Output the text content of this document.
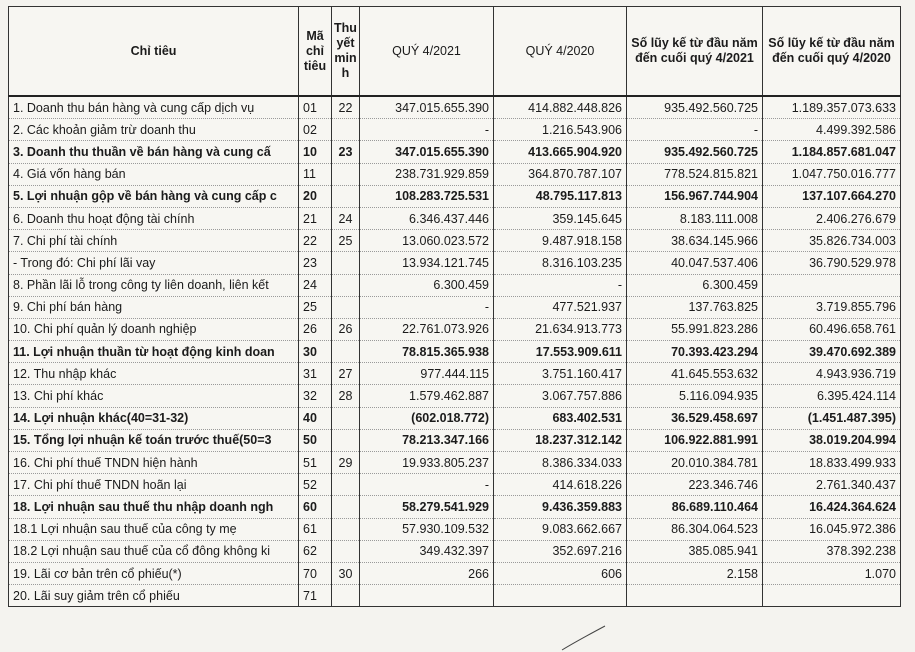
Chỉ tiêu	Mã chỉ tiêu	Thuyết minh	QUÝ 4/2021	QUÝ 4/2020	Số lũy kế từ đầu năm đến cuối quý 4/2021	Số lũy kế từ đầu năm đến cuối quý 4/2020
1. Doanh thu bán hàng và cung cấp dịch vụ	01	22	347.015.655.390	414.882.448.826	935.492.560.725	1.189.357.073.633
2. Các khoản giảm trừ doanh thu	02		-	1.216.543.906	-	4.499.392.586
3. Doanh thu thuần về bán hàng và cung cấ	10	23	347.015.655.390	413.665.904.920	935.492.560.725	1.184.857.681.047
4. Giá vốn hàng bán	11		238.731.929.859	364.870.787.107	778.524.815.821	1.047.750.016.777
5. Lợi nhuận gộp về bán hàng và cung cấp c	20		108.283.725.531	48.795.117.813	156.967.744.904	137.107.664.270
6. Doanh thu hoạt động tài chính	21	24	6.346.437.446	359.145.645	8.183.111.008	2.406.276.679
7. Chi phí tài chính	22	25	13.060.023.572	9.487.918.158	38.634.145.966	35.826.734.003
- Trong đó: Chi phí lãi vay	23		13.934.121.745	8.316.103.235	40.047.537.406	36.790.529.978
8. Phần lãi lỗ trong công ty liên doanh, liên kết	24		6.300.459	-	6.300.459	
9. Chi phí bán hàng	25		-	477.521.937	137.763.825	3.719.855.796
10. Chi phí quản lý doanh nghiệp	26	26	22.761.073.926	21.634.913.773	55.991.823.286	60.496.658.761
11. Lợi nhuận thuần từ hoạt động kinh doan	30		78.815.365.938	17.553.909.611	70.393.423.294	39.470.692.389
12. Thu nhập khác	31	27	977.444.115	3.751.160.417	41.645.553.632	4.943.936.719
13. Chi phí khác	32	28	1.579.462.887	3.067.757.886	5.116.094.935	6.395.424.114
14. Lợi nhuận khác(40=31-32)	40		(602.018.772)	683.402.531	36.529.458.697	(1.451.487.395)
15. Tổng lợi nhuận kế toán trước thuế(50=3	50		78.213.347.166	18.237.312.142	106.922.881.991	38.019.204.994
16. Chi phí thuế TNDN hiện hành	51	29	19.933.805.237	8.386.334.033	20.010.384.781	18.833.499.933
17. Chi phí thuế TNDN hoãn lại	52		-	414.618.226	223.346.746	2.761.340.437
18. Lợi nhuận sau thuế thu nhập doanh ngh	60		58.279.541.929	9.436.359.883	86.689.110.464	16.424.364.624
18.1 Lợi nhuận sau thuế của công ty mẹ	61		57.930.109.532	9.083.662.667	86.304.064.523	16.045.972.386
18.2 Lợi nhuận sau thuế của cổ đông không ki	62		349.432.397	352.697.216	385.085.941	378.392.238
19. Lãi cơ bản trên cổ phiếu(*)	70	30	266	606	2.158	1.070
20. Lãi suy giảm trên cổ phiếu	71					
